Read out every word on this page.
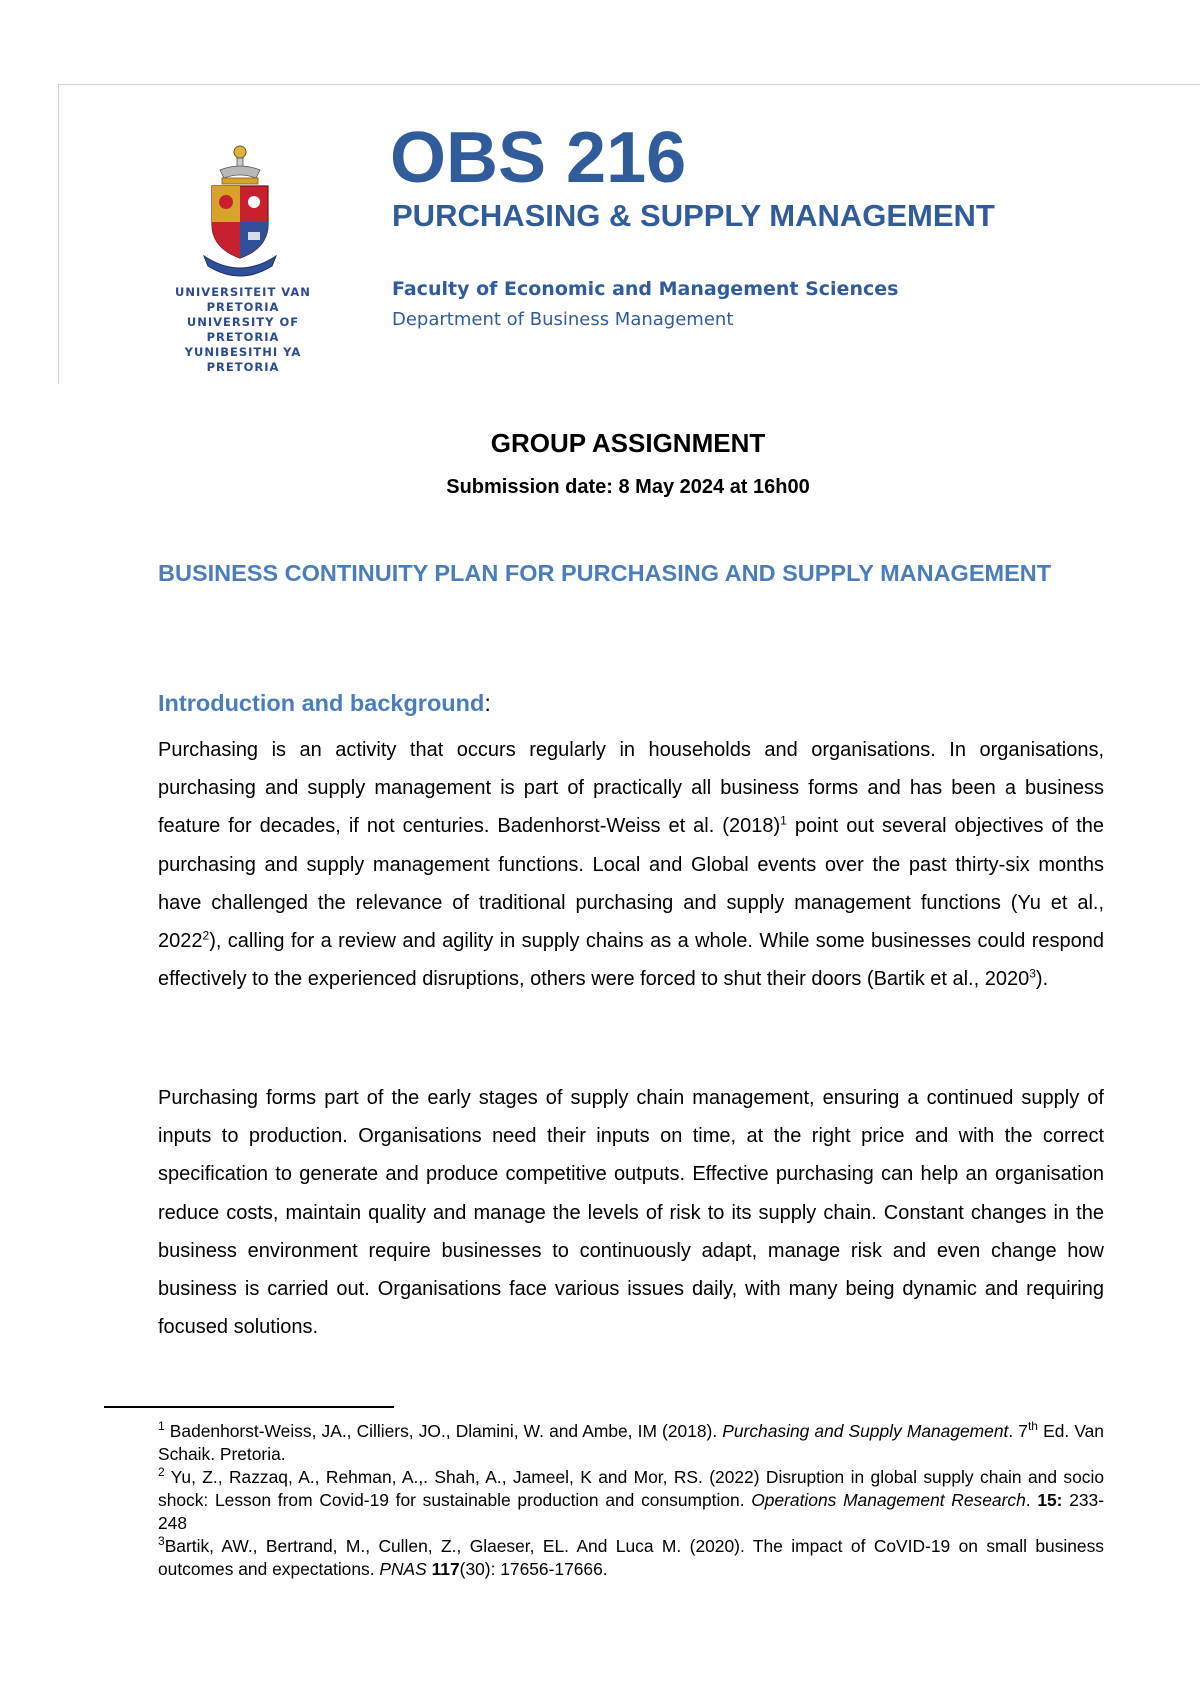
UNIVERSITEIT VAN PRETORIA
UNIVERSITY OF PRETORIA
YUNIBESITHI YA PRETORIA
OBS 216
PURCHASING & SUPPLY MANAGEMENT
Faculty of Economic and Management Sciences
Department of Business Management
GROUP ASSIGNMENT
Submission date: 8 May 2024 at 16h00
BUSINESS CONTINUITY PLAN FOR PURCHASING AND SUPPLY MANAGEMENT
Introduction and background:
Purchasing is an activity that occurs regularly in households and organisations. In organisations, purchasing and supply management is part of practically all business forms and has been a business feature for decades, if not centuries. Badenhorst-Weiss et al. $(2018)^1$ point out several objectives of the purchasing and supply management functions. Local and Global events over the past thirty-six months have challenged the relevance of traditional purchasing and supply management functions (Yu et al., 2022$^2$), calling for a review and agility in supply chains as a whole. While some businesses could respond effectively to the experienced disruptions, others were forced to shut their doors (Bartik et al., 2020$^3$).
Purchasing forms part of the early stages of supply chain management, ensuring a continued supply of inputs to production. Organisations need their inputs on time, at the right price and with the correct specification to generate and produce competitive outputs. Effective purchasing can help an organisation reduce costs, maintain quality and manage the levels of risk to its supply chain. Constant changes in the business environment require businesses to continuously adapt, manage risk and even change how business is carried out. Organisations face various issues daily, with many being dynamic and requiring focused solutions.

$^1$ Badenhorst-Weiss, JA., Cilliers, JO., Dlamini, W. and Ambe, IM (2018). Purchasing and Supply Management. 7th Ed. Van Schaik. Pretoria.

$^2$ Yu, Z., Razzaq, A., Rehman, A.,. Shah, A., Jameel, K and Mor, RS. (2022) Disruption in global supply chain and socio shock: Lesson from Covid-19 for sustainable production and consumption. Operations Management Research. 15: 233-248

$^3$Bartik, AW., Bertrand, M., Cullen, Z., Glaeser, EL. And Luca M. (2020). The impact of CoVID-19 on small business outcomes and expectations. PNAS 117(30): 17656-17666.
